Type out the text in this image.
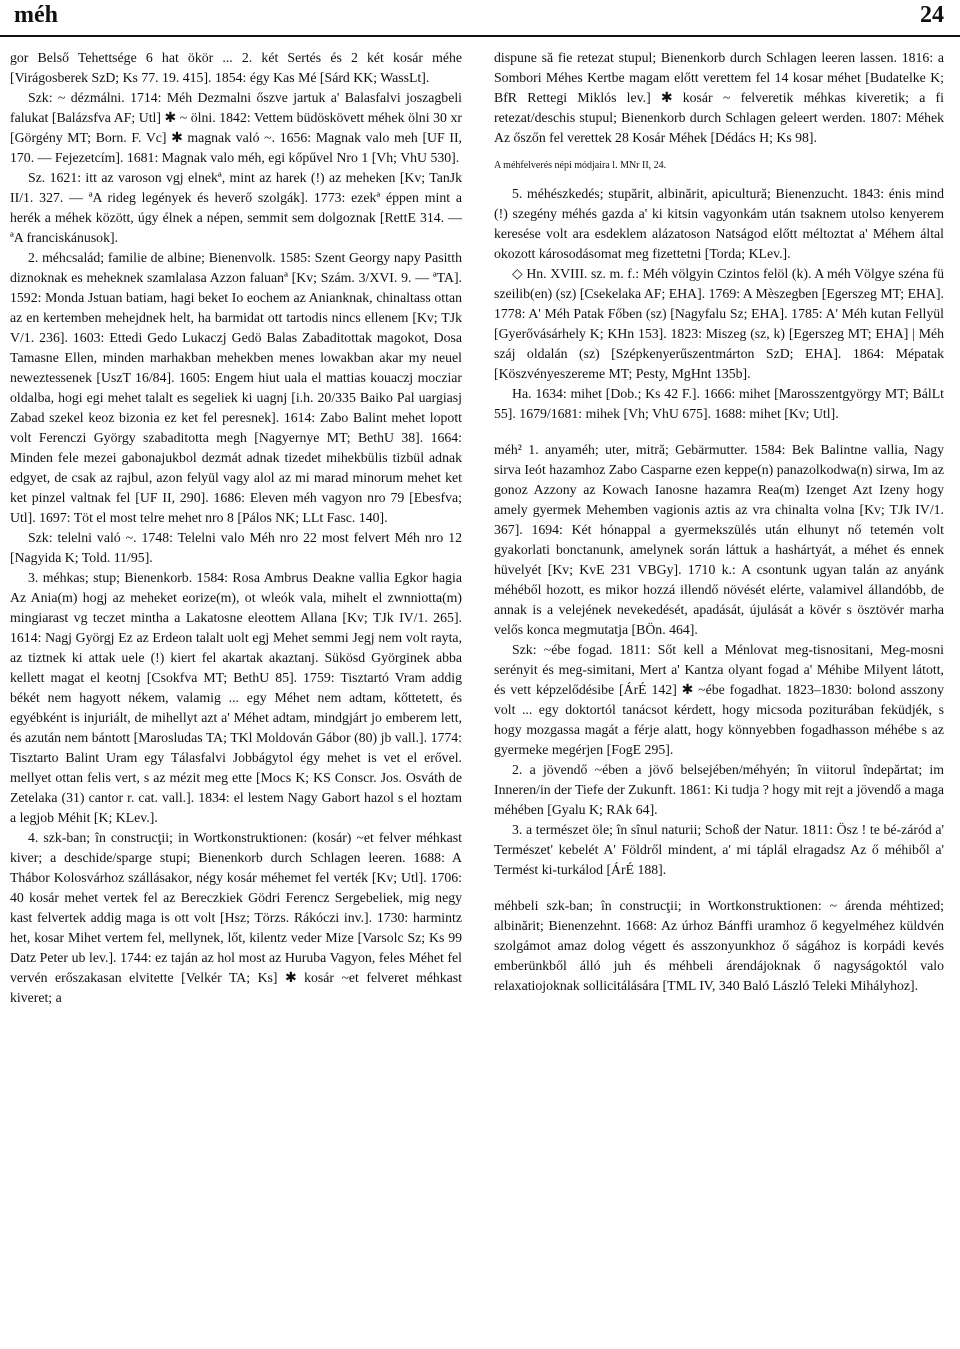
méh	24

gor Belső Tehettsége 6 hat ökör ... 2. két Sertés és 2 két kosár méhe [Virágosberek SzD; Ks 77. 19. 415]. 1854: égy Kas Mé [Sárd KK; WassLt].

Szk: ~ dézmálni. 1714: Méh Dezmalni őszve jartuk a' Balasfalvi joszagbeli falukat [Balázsfva AF; Utl] ✱ ~ ölni. 1842: Vettem büdöskövett méhek ölni 30 xr [Görgény MT; Born. F. Vc] ✱ magnak való ~. 1656: Magnak valo meh [UF II, 170. — Fejezetcím]. 1681: Magnak valo méh, egi kőpűvel Nro 1 [Vh; VhU 530].

Sz. 1621: itt az varoson vgj elnekª, mint az harek (!) az meheken [Kv; TanJk II/1. 327. — ªA rideg legények és heverő szolgák]. 1773: ezekª éppen mint a herék a méhek között, úgy élnek a népen, semmit sem dolgoznak [RettE 314. — ªA franciskánusok].

2. méhcsalád; familie de albine; Bienenvolk. 1585: Szent Georgy napy Pasitth diznoknak es meheknek szamlalasa Azzon faluanª [Kv; Szám. 3/XVI. 9. — ªTA]. 1592: Monda Jstuan batiam, hagi beket Io eochem az Anianknak, chinaltass ottan az en kertemben mehejdnek helt, ha barmidat ott tartodis nincs ellenem [Kv; TJk V/1. 236]. 1603: Ettedi Gedo Lukaczj Gedö Balas Zabaditottak magokot, Dosa Tamasne Ellen, minden marhakban mehekben menes lowakban akar my neuel neweztessenek [UszT 16/84]. 1605: Engem hiut uala el mattias kouaczj mocziar oldalba, hogi egi mehet talalt es segeliek ki uagnj [i.h. 20/335 Baiko Pal uargiasj Zabad szekel keoz bizonia ez ket fel peresnek]. 1614: Zabo Balint mehet lopott volt Ferenczi György szabaditotta megh [Nagyernye MT; BethU 38]. 1664: Minden fele mezei gabonajukbol dezmát adnak tizedet mihekbülis tizbül adnak edgyet, de csak az rajbul, azon felyül vagy alol az mi marad minorum mehet ket ket pinzel valtnak fel [UF II, 290]. 1686: Eleven méh vagyon nro 79 [Ebesfva; Utl]. 1697: Töt el most telre mehet nro 8 [Pálos NK; LLt Fasc. 140].

Szk: telelni való ~. 1748: Telelni valo Méh nro 22 most felvert Méh nro 12 [Nagyida K; Told. 11/95].

3. méhkas; stup; Bienenkorb. 1584: Rosa Ambrus Deakne vallia Egkor hagia Az Ania(m) hogj az meheket eorize(m), ot wleók vala, mihelt el zwnniotta(m) mingiarast vg teczet mintha a Lakatosne eleottem Allana [Kv; TJk IV/1. 265]. 1614: Nagj Györgj Ez az Erdeon talalt uolt egj Mehet semmi Jegj nem volt rayta, az tiztnek ki attak uele (!) kiert fel akartak akaztanj. Sükösd Györginek abba kellett magat el keotnj [Csokfva MT; BethU 85]. 1759: Tisztartó Vram addig békét nem hagyott nékem, valamig ... egy Méhet nem adtam, kőttetett, és egyébként is injuriált, de mihellyt azt a' Méhet adtam, mindgjárt jo emberem lett, és azután nem bántott [Marosludas TA; TKl Moldován Gábor (80) jb vall.]. 1774: Tisztarto Balint Uram egy Tálasfalvi Jobbágytol égy mehet is vet el erővel. mellyet ottan felis vert, s az mézit meg ette [Mocs K; KS Conscr. Jos. Osváth de Zetelaka (31) cantor r. cat. vall.]. 1834: el lestem Nagy Gabort hazol s el hoztam a legjob Méhit [K; KLev.].

4. szk-ban; în construcţii; in Wortkonstruktionen: (kosár) ~et felver méhkast kiver; a deschide/sparge stupi; Bienenkorb durch Schlagen leeren. 1688: A Thábor Kolosvárhoz szállásakor, négy kosár méhemet fel verték [Kv; Utl]. 1706: 40 kosár mehet vertek fel az Bereczkiek Gödri Ferencz Sergebeliek, mig negy kast felvertek addig maga is ott volt [Hsz; Törzs. Rákóczi inv.]. 1730: harmintz het, kosar Mihet vertem fel, mellynek, lőt, kilentz veder Mize [Varsolc Sz; Ks 99 Datz Peter ub lev.]. 1744: ez taján az hol most az Huruba Vagyon, feles Méhet fel vervén erőszakasan elvitette [Velkér TA; Ks] ✱ kosár ~et felveret méhkast kiveret; a

dispune să fie retezat stupul; Bienenkorb durch Schlagen leeren lassen. 1816: a Sombori Méhes Kertbe magam előtt verettem fel 14 kosar méhet [Budatelke K; BfR Rettegi Miklós lev.] ✱ kosár ~ felveretik méhkas kiveretik; a fi retezat/deschis stupul; Bienenkorb durch Schlagen geleert werden. 1807: Méhek Az őszőn fel verettek 28 Kosár Méhek [Dédács H; Ks 98].

A méhfelverés népi módjaira l. MNr II, 24.

5. méhészkedés; stupărit, albinărit, apicultură; Bienenzucht. 1843: énis mind (!) szegény méhés gazda a' ki kitsin vagyonkám után tsaknem utolso kenyerem keresése volt ara esdeklem alázatoson Natságod előtt méltoztat a' Méhem által okozott károsodásomat meg fizettetni [Torda; KLev.].

◇ Hn. XVIII. sz. m. f.: Méh völgyin Czintos felöl (k). A méh Völgye széna fü szeilib(en) (sz) [Csekelaka AF; EHA]. 1769: A Mèszegben [Egerszeg MT; EHA]. 1778: A' Méh Patak Főben (sz) [Nagyfalu Sz; EHA]. 1785: A' Méh kutan Fellyül [Gyerővásárhely K; KHn 153]. 1823: Miszeg (sz, k) [Egerszeg MT; EHA] | Méh száj oldalán (sz) [Szépkenyerűszentmárton SzD; EHA]. 1864: Mépatak [Köszvényeszereme MT; Pesty, MgHnt 135b].

Ha. 1634: mihet [Dob.; Ks 42 F.]. 1666: mihet [Marosszentgyörgy MT; BálLt 55]. 1679/1681: mihek [Vh; VhU 675]. 1688: mihet [Kv; Utl].

méh² 1. anyaméh; uter, mitră; Gebärmutter. 1584: Bek Balintne vallia, Nagy sirva Ieót hazamhoz Zabo Casparne ezen keppe(n) panazolkodwa(n) sirwa, Im az gonoz Azzony az Kowach Ianosne hazamra Rea(m) Izenget Azt Izeny hogy amely gyermek Mehemben vagionis aztis az vra chinalta volna [Kv; TJk IV/1. 367]. 1694: Két hónappal a gyermekszülés után elhunyt nő tetemén volt gyakorlati bonctanunk, amelynek során láttuk a hashártyát, a méhet és ennek hüvelyét [Kv; KvE 231 VBGy]. 1710 k.: A csontunk ugyan talán az anyánk méhéből hozott, es mikor hozzá illendő növését elérte, valamivel állandóbb, de annak is a velejének nevekedését, apadását, újulását a kövér s ösztövér marha velős konca megmutatja [BÖn. 464].

Szk: ~ébe fogad. 1811: Sőt kell a Ménlovat meg-tisnositani, Meg-mosni serényit és meg-simitani, Mert a' Kantza olyant fogad a' Méhibe Milyent látott, és vett képzelődésibe [ÁrÉ 142] ✱ ~ébe fogadhat. 1823–1830: bolond asszony volt ... egy doktortól tanácsot kérdett, hogy micsoda poziturában feküdjék, s hogy mozgassa magát a férje alatt, hogy könnyebben fogadhasson méhébe s az gyermeke megérjen [FogE 295].

2. a jövendő ~ében a jövő belsejében/méhyén; în viitorul îndepărtat; im Inneren/in der Tiefe der Zukunft. 1861: Ki tudja ? hogy mit rejt a jövendő a maga méhében [Gyalu K; RAk 64].

3. a természet öle; în sînul naturii; Schoß der Natur. 1811: Ösz ! te bé-záród a' Természet' kebelét A' Földről mindent, a' mi táplál elragadsz Az ő méhiből a' Termést ki-turkálod [ÁrÉ 188].

méhbeli szk-ban; în construcţii; in Wortkonstruktionen: ~ árenda méhtized; albinărit; Bienenzehnt. 1668: Az úrhoz Bánffi uramhoz ő kegyelméhez küldvén szolgámot amaz dolog végett és asszonyunkhoz ő ságához is korpádi kevés emberünkből álló juh és méhbeli árendájoknak ő nagyságoktól valo relaxatiojoknak sollicitálására [TML IV, 340 Baló László Teleki Mihályhoz].
